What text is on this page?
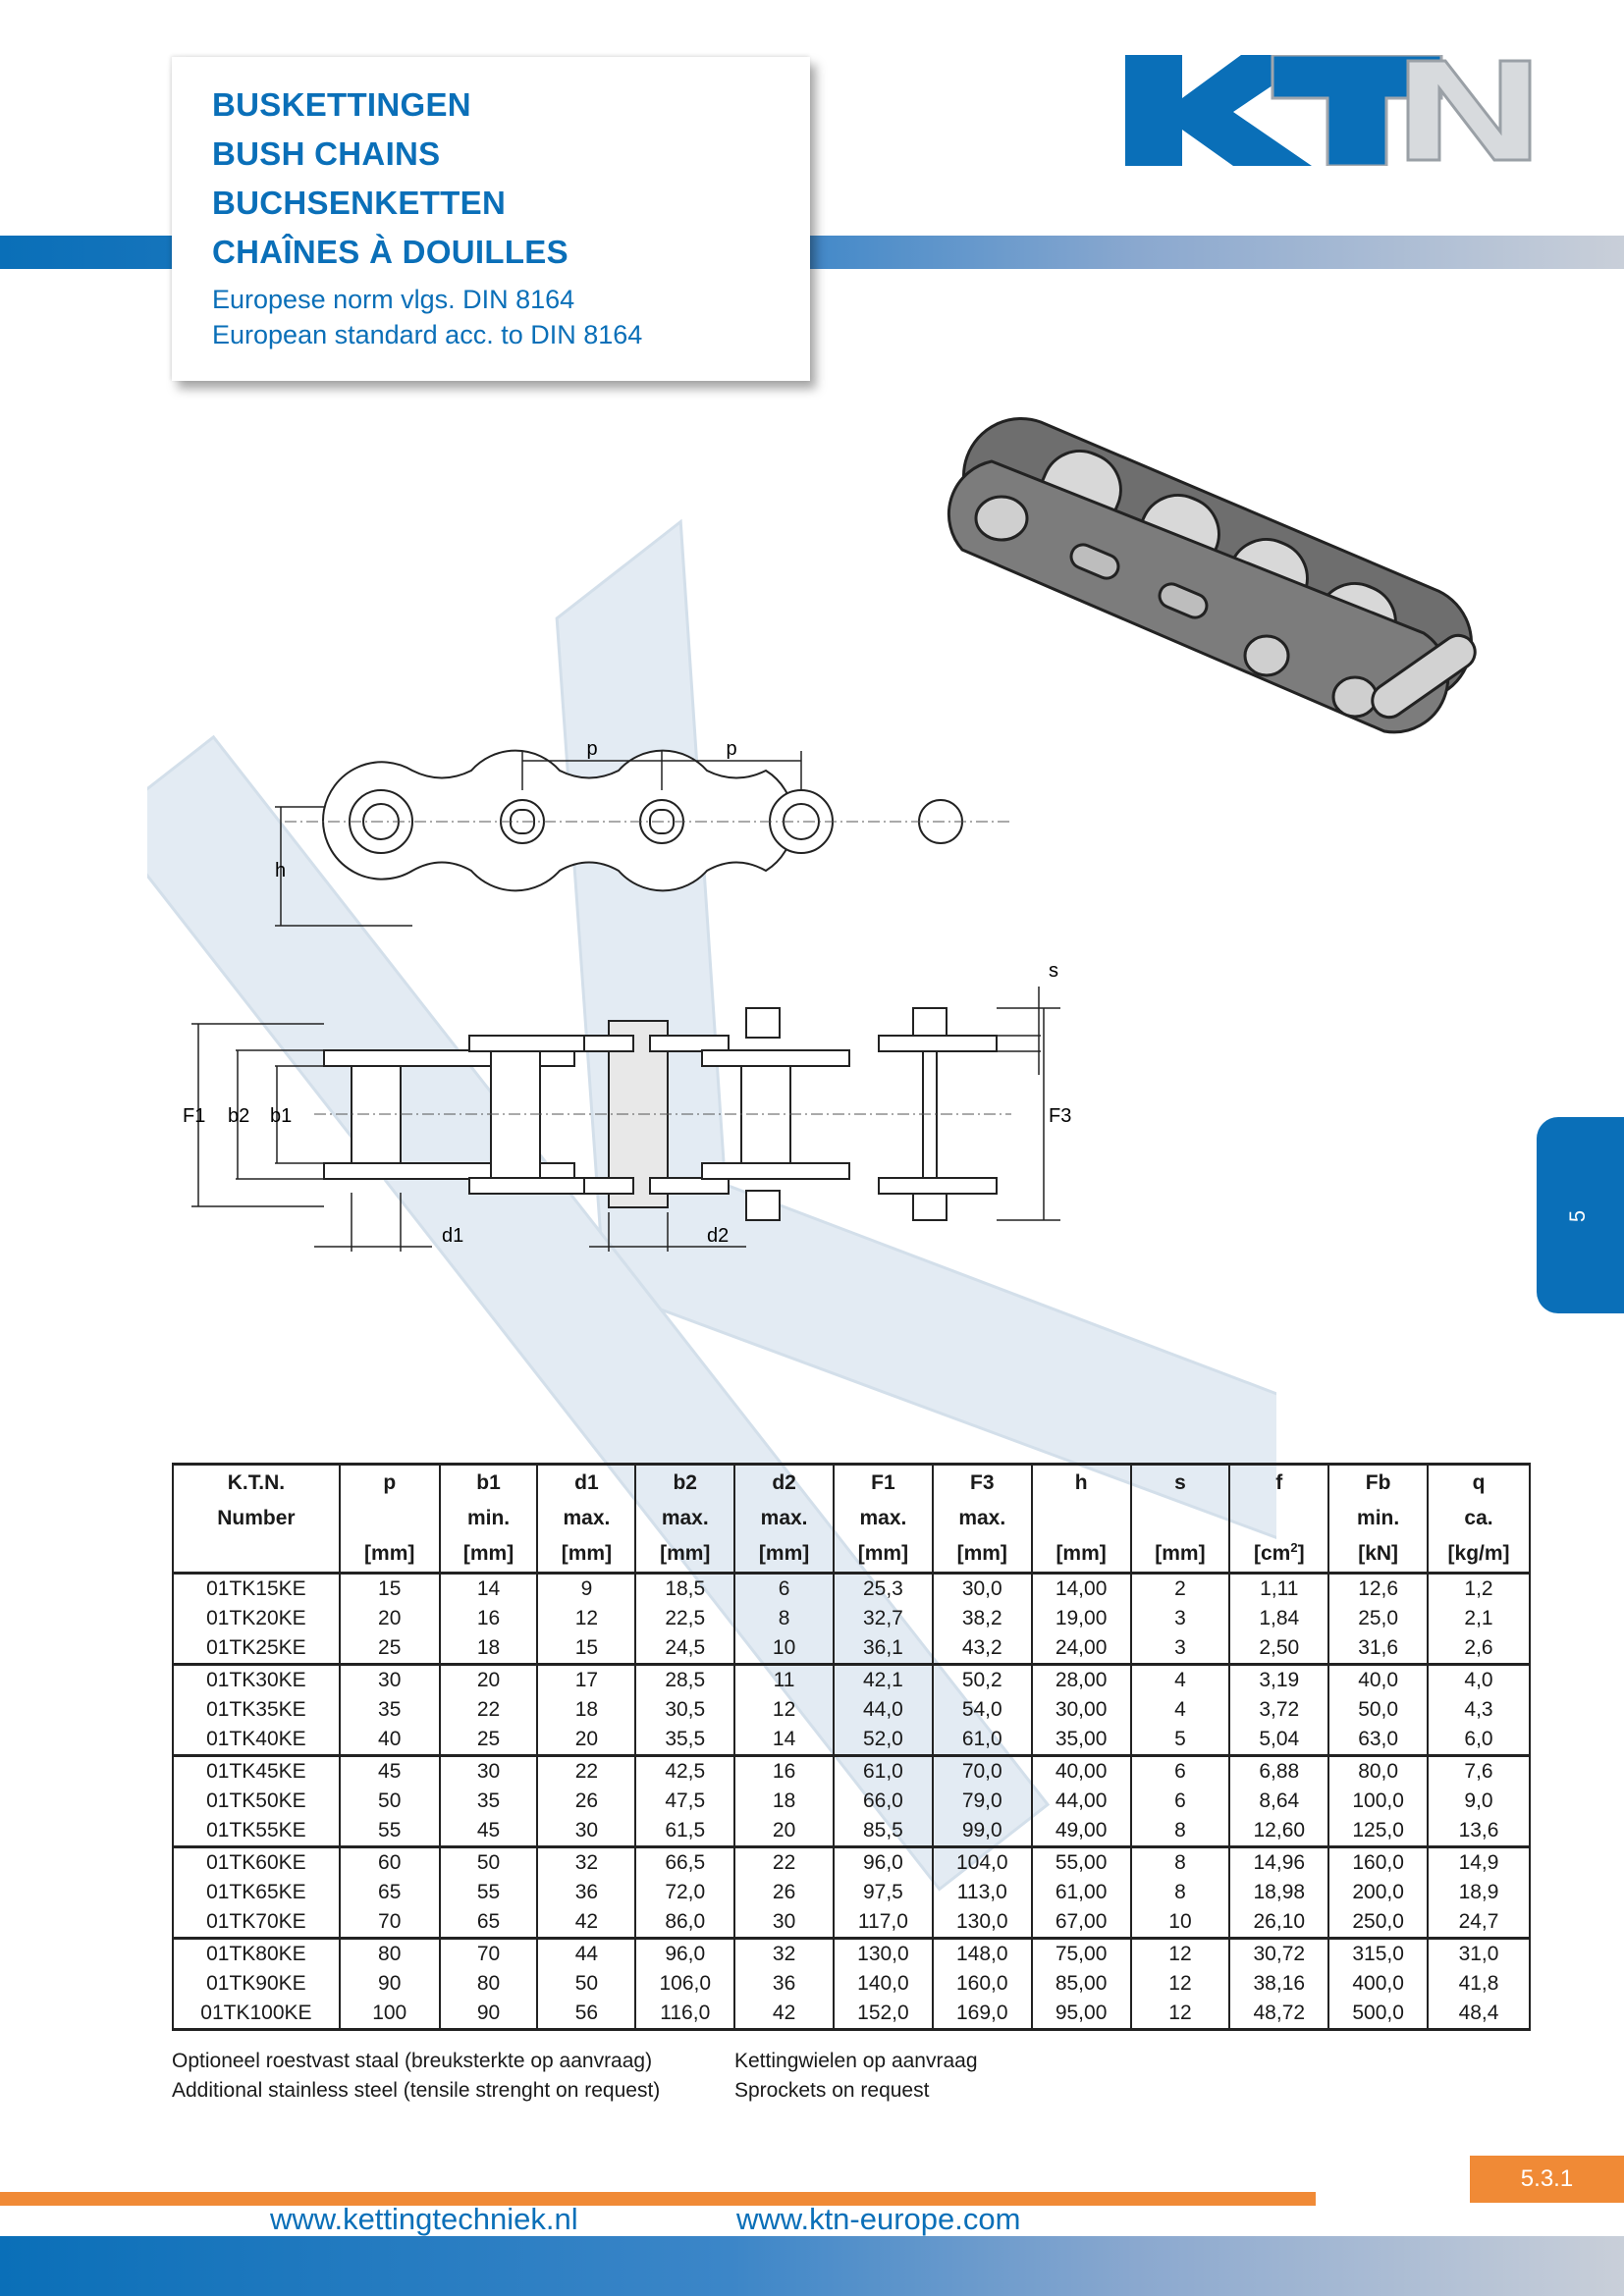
BUSKETTINGEN
BUSH CHAINS
BUCHSENKETTEN
CHAÎNES À DOUILLES
Europese norm vlgs. DIN 8164
European standard acc. to DIN 8164
p	p
h
F1 b2 b1	F3
s
d1	d2
5
K.T.N.	p	b1	d1	b2	d2	F1	F3	h	s	f	Fb	q
Number		min.	max.	max.	max.	max.	max.				min.	ca.
	[mm]	[mm]	[mm]	[mm]	[mm]	[mm]	[mm]	[mm]	[mm]	$[cm^2]$	[kN]	[kg/m]
01TK15KE	15	14	9	18,5	6	25,3	30,0	14,00	2	1,11	12,6	1,2
01TK20KE	20	16	12	22,5	8	32,7	38,2	19,00	3	1,84	25,0	2,1
01TK25KE	25	18	15	24,5	10	36,1	43,2	24,00	3	2,50	31,6	2,6
01TK30KE	30	20	17	28,5	11	42,1	50,2	28,00	4	3,19	40,0	4,0
01TK35KE	35	22	18	30,5	12	44,0	54,0	30,00	4	3,72	50,0	4,3
01TK40KE	40	25	20	35,5	14	52,0	61,0	35,00	5	5,04	63,0	6,0
01TK45KE	45	30	22	42,5	16	61,0	70,0	40,00	6	6,88	80,0	7,6
01TK50KE	50	35	26	47,5	18	66,0	79,0	44,00	6	8,64	100,0	9,0
01TK55KE	55	45	30	61,5	20	85,5	99,0	49,00	8	12,60	125,0	13,6
01TK60KE	60	50	32	66,5	22	96,0	104,0	55,00	8	14,96	160,0	14,9
01TK65KE	65	55	36	72,0	26	97,5	113,0	61,00	8	18,98	200,0	18,9
01TK70KE	70	65	42	86,0	30	117,0	130,0	67,00	10	26,10	250,0	24,7
01TK80KE	80	70	44	96,0	32	130,0	148,0	75,00	12	30,72	315,0	31,0
01TK90KE	90	80	50	106,0	36	140,0	160,0	85,00	12	38,16	400,0	41,8
01TK100KE	100	90	56	116,0	42	152,0	169,0	95,00	12	48,72	500,0	48,4
Optioneel roestvast staal (breuksterkte op aanvraag)
Additional stainless steel (tensile strenght on request)
Kettingwielen op aanvraag
Sprockets on request
5.3.1
www.kettingtechniek.nl	www.ktn-europe.com
